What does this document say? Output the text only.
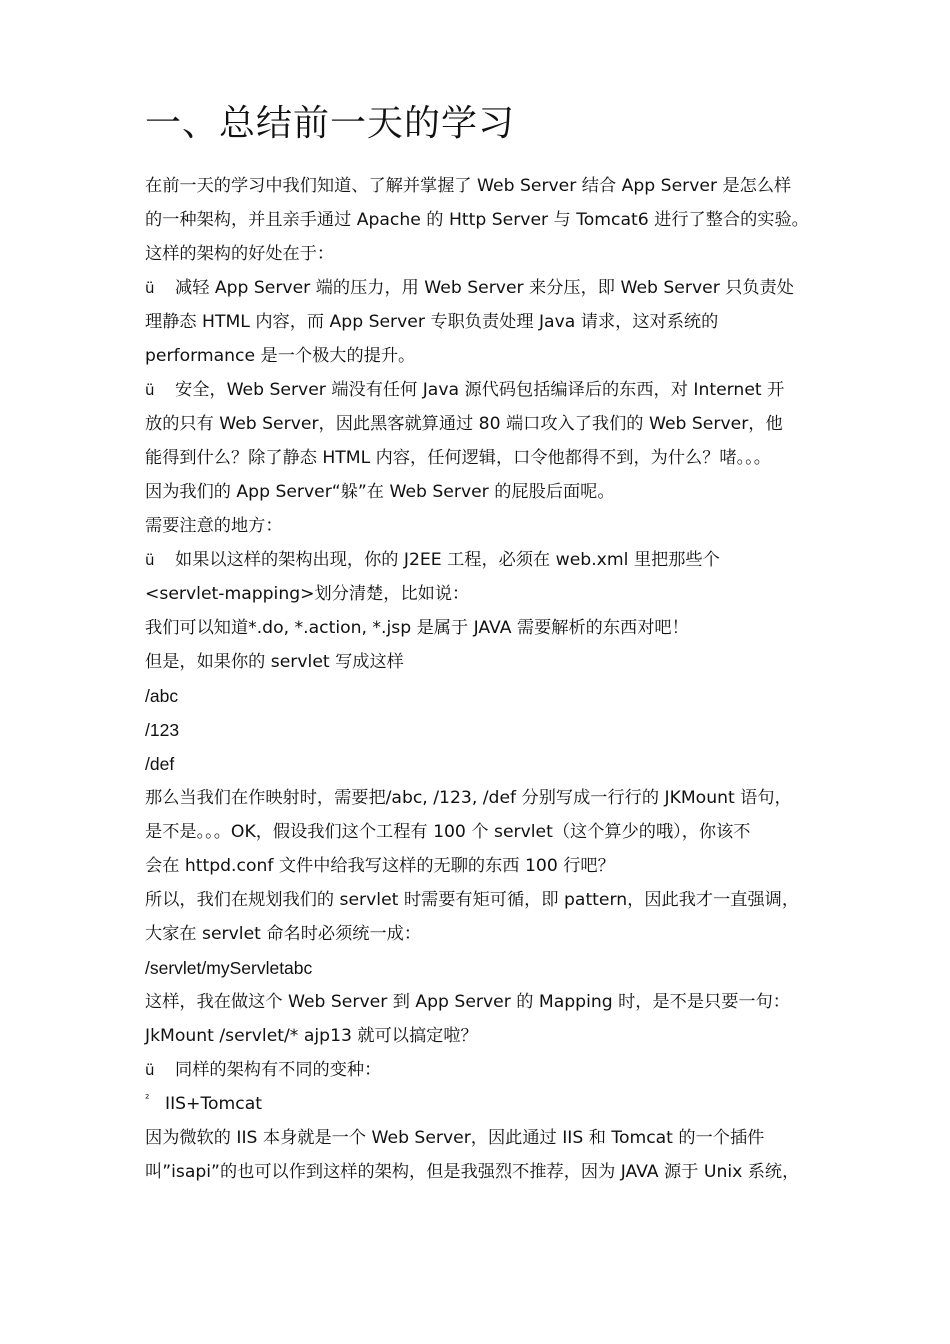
一、总结前一天的学习
在前一天的学习中我们知道、了解并掌握了 Web Server 结合 App Server 是怎么样
的一种架构，并且亲手通过 Apache 的 Http Server 与 Tomcat6 进行了整合的实验。
这样的架构的好处在于：
ü 减轻 App Server 端的压力，用 Web Server 来分压，即 Web Server 只负责处
理静态 HTML 内容，而 App Server 专职负责处理 Java 请求，这对系统的
performance 是一个极大的提升。
ü 安全，Web Server 端没有任何 Java 源代码包括编译后的东西，对 Internet 开
放的只有 Web Server，因此黑客就算通过 80 端口攻入了我们的 Web Server，他
能得到什么？除了静态 HTML 内容，任何逻辑，口令他都得不到，为什么？啫。。。
因为我们的 App Server“躲”在 Web Server 的屁股后面呢。
需要注意的地方：
ü 如果以这样的架构出现，你的 J2EE 工程，必须在 web.xml 里把那些个
<servlet-mapping>划分清楚，比如说：
我们可以知道*.do, *.action, *.jsp 是属于 JAVA 需要解析的东西对吧！
但是，如果你的 servlet 写成这样
/abc
/123
/def
那么当我们在作映射时，需要把/abc, /123, /def 分别写成一行行的 JKMount 语句，
是不是。。。OK，假设我们这个工程有 100 个 servlet（这个算少的哦），你该不
会在 httpd.conf 文件中给我写这样的无聊的东西 100 行吧？
所以，我们在规划我们的 servlet 时需要有矩可循，即 pattern，因此我才一直强调，
大家在 servlet 命名时必须统一成：
/servlet/myServletabc
这样，我在做这个 Web Server 到 App Server 的 Mapping 时，是不是只要一句：
JkMount /servlet/* ajp13 就可以搞定啦？
ü 同样的架构有不同的变种：
² IIS+Tomcat
因为微软的 IIS 本身就是一个 Web Server，因此通过 IIS 和 Tomcat 的一个插件
叫”isapi”的也可以作到这样的架构，但是我强烈不推荐，因为 JAVA 源于 Unix 系统，
